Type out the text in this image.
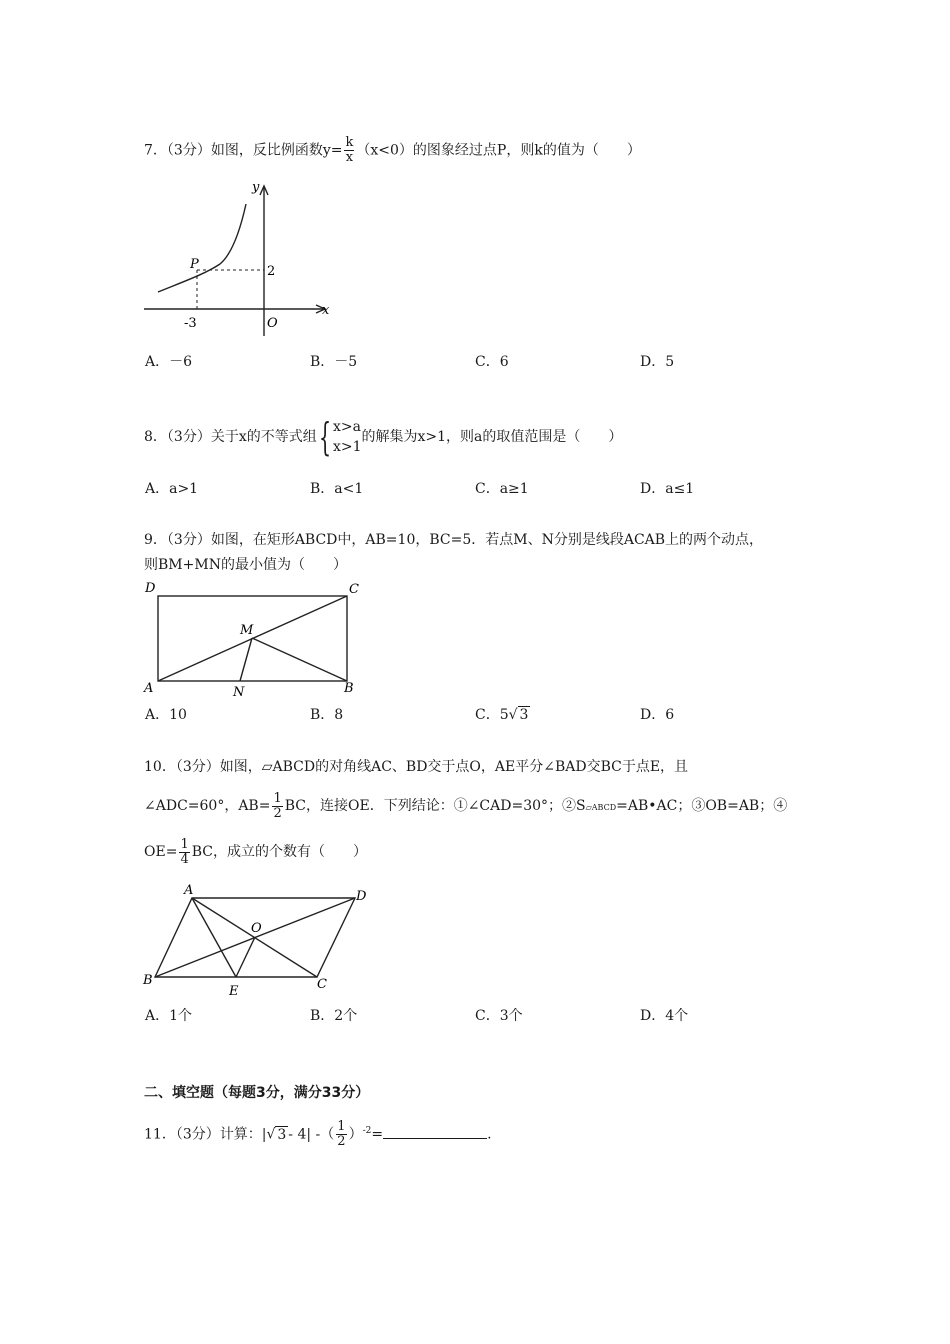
7．（3分）如图，反比例函数$y= \frac{k}{x} (x<0)$的图象经过点P，则k的值为（　　）
y
x
P	2
-3	O
A．－6	B．－5	C．6	D．5
8．（3分）关于x的不等式组{ x>a
x>1
的解集为x>1，则a的取值范围是（　　）
A．a>1	B．a<1	C．a≥1	D．a≤1
9．（3分）如图，在矩形ABCD中，AB=10，BC=5．若点M、N分别是线段ACAB上的两个动点，
则BM+MN的最小值为（　　）
D	C
M
A	N	B
A．10	B．8	C．5√ 3	D．6
10．（3分）如图，▱ABCD的对角线AC、BD交于点O，AE平分∠BAD交BC于点E，且
∠ADC=60°，$AB= \frac{1}{2}$ BC，连接OE．下列结论：①∠CAD=30°；②S▱ABCD=AB•AC；③OB=AB；④
$OE= \frac{1}{4}$ BC，成立的个数有（　　）
A	D
O
B
E	C
A．1个	B．2个	C．3个	D．4个
二、填空题（每题3分，满分33分）
11．（3分）计算：|√ 3 - 4| -（ $\frac{1}{2} )^{-2}=$	.
